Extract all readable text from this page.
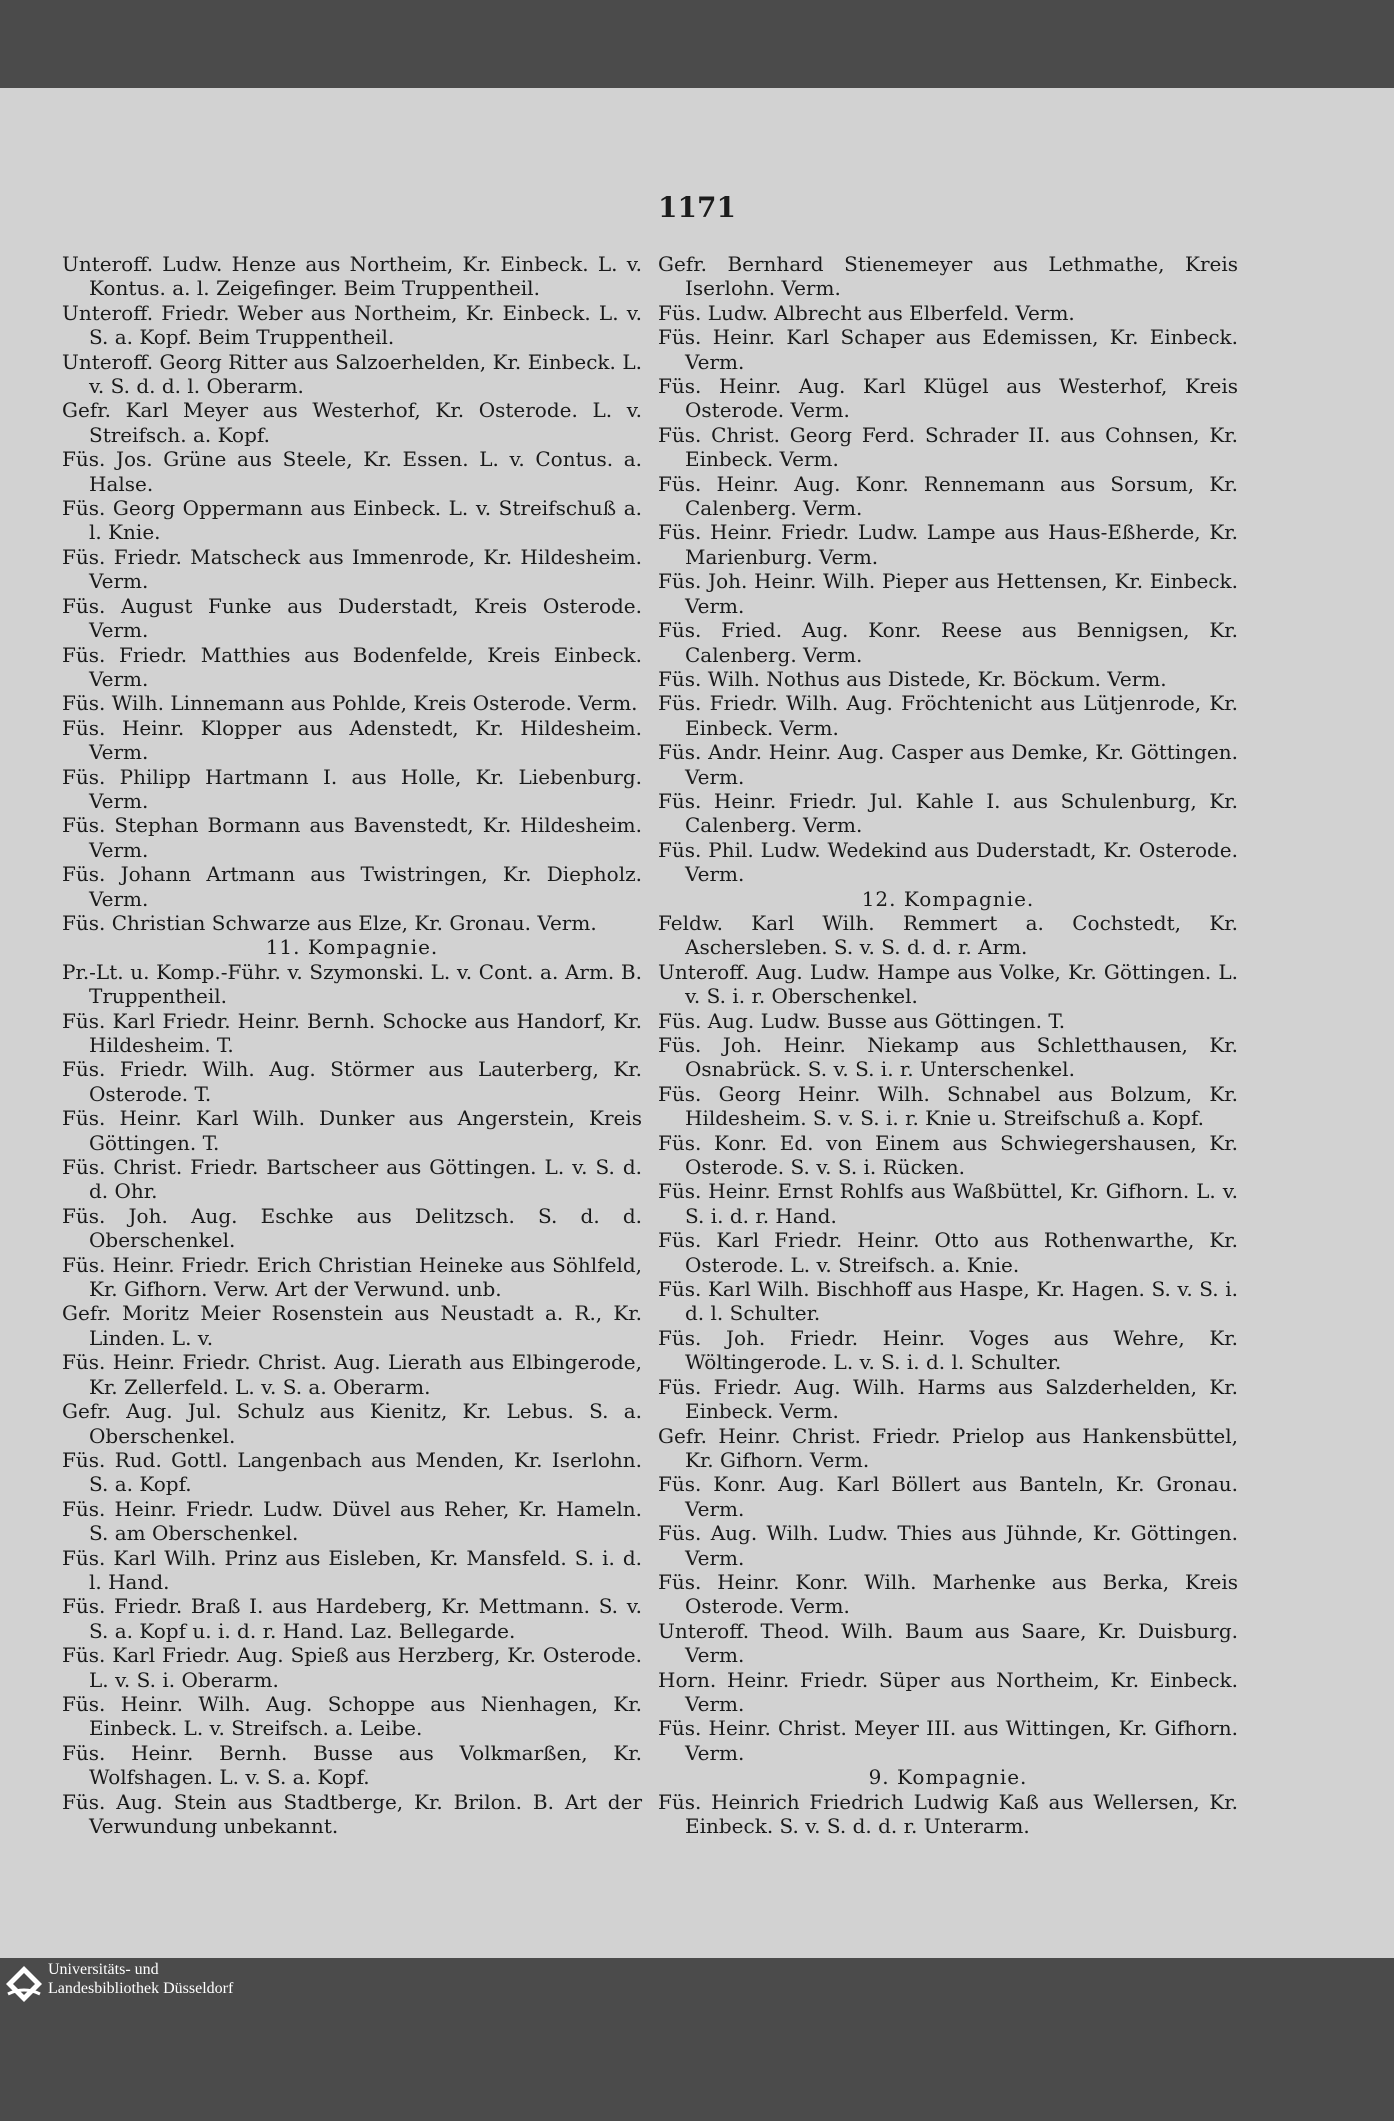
1171

Unteroff. Ludw. Henze aus Northeim, Kr. Einbeck. L. v. Kontus. a. l. Zeigefinger. Beim Truppentheil.

Unteroff. Friedr. Weber aus Northeim, Kr. Einbeck. L. v. S. a. Kopf. Beim Truppentheil.

Unteroff. Georg Ritter aus Salzoerhelden, Kr. Einbeck. L. v. S. d. d. l. Oberarm.

Gefr. Karl Meyer aus Westerhof, Kr. Osterode. L. v. Streifsch. a. Kopf.

Füs. Jos. Grüne aus Steele, Kr. Essen. L. v. Contus. a. Halse.

Füs. Georg Oppermann aus Einbeck. L. v. Streifschuß a. l. Knie.

Füs. Friedr. Matscheck aus Immenrode, Kr. Hildesheim. Verm.

Füs. August Funke aus Duderstadt, Kreis Osterode. Verm.

Füs. Friedr. Matthies aus Bodenfelde, Kreis Einbeck. Verm.

Füs. Wilh. Linnemann aus Pohlde, Kreis Osterode. Verm.

Füs. Heinr. Klopper aus Adenstedt, Kr. Hildesheim. Verm.

Füs. Philipp Hartmann I. aus Holle, Kr. Liebenburg. Verm.

Füs. Stephan Bormann aus Bavenstedt, Kr. Hildesheim. Verm.

Füs. Johann Artmann aus Twistringen, Kr. Diepholz. Verm.

Füs. Christian Schwarze aus Elze, Kr. Gronau. Verm.

11. Kompagnie.

Pr.-Lt. u. Komp.-Führ. v. Szymonski. L. v. Cont. a. Arm. B. Truppentheil.

Füs. Karl Friedr. Heinr. Bernh. Schocke aus Handorf, Kr. Hildesheim. T.

Füs. Friedr. Wilh. Aug. Störmer aus Lauterberg, Kr. Osterode. T.

Füs. Heinr. Karl Wilh. Dunker aus Angerstein, Kreis Göttingen. T.

Füs. Christ. Friedr. Bartscheer aus Göttingen. L. v. S. d. d. Ohr.

Füs. Joh. Aug. Eschke aus Delitzsch. S. d. d. Oberschenkel.

Füs. Heinr. Friedr. Erich Christian Heineke aus Söhlfeld, Kr. Gifhorn. Verw. Art der Verwund. unb.

Gefr. Moritz Meier Rosenstein aus Neustadt a. R., Kr. Linden. L. v.

Füs. Heinr. Friedr. Christ. Aug. Lierath aus Elbingerode, Kr. Zellerfeld. L. v. S. a. Oberarm.

Gefr. Aug. Jul. Schulz aus Kienitz, Kr. Lebus. S. a. Oberschenkel.

Füs. Rud. Gottl. Langenbach aus Menden, Kr. Iserlohn. S. a. Kopf.

Füs. Heinr. Friedr. Ludw. Düvel aus Reher, Kr. Hameln. S. am Oberschenkel.

Füs. Karl Wilh. Prinz aus Eisleben, Kr. Mansfeld. S. i. d. l. Hand.

Füs. Friedr. Braß I. aus Hardeberg, Kr. Mettmann. S. v. S. a. Kopf u. i. d. r. Hand. Laz. Bellegarde.

Füs. Karl Friedr. Aug. Spieß aus Herzberg, Kr. Osterode. L. v. S. i. Oberarm.

Füs. Heinr. Wilh. Aug. Schoppe aus Nienhagen, Kr. Einbeck. L. v. Streifsch. a. Leibe.

Füs. Heinr. Bernh. Busse aus Volkmarßen, Kr. Wolfshagen. L. v. S. a. Kopf.

Füs. Aug. Stein aus Stadtberge, Kr. Brilon. B. Art der Verwundung unbekannt.

Gefr. Bernhard Stienemeyer aus Lethmathe, Kreis Iserlohn. Verm.

Füs. Ludw. Albrecht aus Elberfeld. Verm.

Füs. Heinr. Karl Schaper aus Edemissen, Kr. Einbeck. Verm.

Füs. Heinr. Aug. Karl Klügel aus Westerhof, Kreis Osterode. Verm.

Füs. Christ. Georg Ferd. Schrader II. aus Cohnsen, Kr. Einbeck. Verm.

Füs. Heinr. Aug. Konr. Rennemann aus Sorsum, Kr. Calenberg. Verm.

Füs. Heinr. Friedr. Ludw. Lampe aus Haus-Eßherde, Kr. Marienburg. Verm.

Füs. Joh. Heinr. Wilh. Pieper aus Hettensen, Kr. Einbeck. Verm.

Füs. Fried. Aug. Konr. Reese aus Bennigsen, Kr. Calenberg. Verm.

Füs. Wilh. Nothus aus Distede, Kr. Böckum. Verm.

Füs. Friedr. Wilh. Aug. Fröchtenicht aus Lütjenrode, Kr. Einbeck. Verm.

Füs. Andr. Heinr. Aug. Casper aus Demke, Kr. Göttingen. Verm.

Füs. Heinr. Friedr. Jul. Kahle I. aus Schulenburg, Kr. Calenberg. Verm.

Füs. Phil. Ludw. Wedekind aus Duderstadt, Kr. Osterode. Verm.

12. Kompagnie.

Feldw. Karl Wilh. Remmert a. Cochstedt, Kr. Aschersleben. S. v. S. d. d. r. Arm.

Unteroff. Aug. Ludw. Hampe aus Volke, Kr. Göttingen. L. v. S. i. r. Oberschenkel.

Füs. Aug. Ludw. Busse aus Göttingen. T.

Füs. Joh. Heinr. Niekamp aus Schletthausen, Kr. Osnabrück. S. v. S. i. r. Unterschenkel.

Füs. Georg Heinr. Wilh. Schnabel aus Bolzum, Kr. Hildesheim. S. v. S. i. r. Knie u. Streifschuß a. Kopf.

Füs. Konr. Ed. von Einem aus Schwiegershausen, Kr. Osterode. S. v. S. i. Rücken.

Füs. Heinr. Ernst Rohlfs aus Waßbüttel, Kr. Gifhorn. L. v. S. i. d. r. Hand.

Füs. Karl Friedr. Heinr. Otto aus Rothenwarthe, Kr. Osterode. L. v. Streifsch. a. Knie.

Füs. Karl Wilh. Bischhoff aus Haspe, Kr. Hagen. S. v. S. i. d. l. Schulter.

Füs. Joh. Friedr. Heinr. Voges aus Wehre, Kr. Wöltingerode. L. v. S. i. d. l. Schulter.

Füs. Friedr. Aug. Wilh. Harms aus Salzderhelden, Kr. Einbeck. Verm.

Gefr. Heinr. Christ. Friedr. Prielop aus Hankensbüttel, Kr. Gifhorn. Verm.

Füs. Konr. Aug. Karl Böllert aus Banteln, Kr. Gronau. Verm.

Füs. Aug. Wilh. Ludw. Thies aus Jühnde, Kr. Göttingen. Verm.

Füs. Heinr. Konr. Wilh. Marhenke aus Berka, Kreis Osterode. Verm.

Unteroff. Theod. Wilh. Baum aus Saare, Kr. Duisburg. Verm.

Horn. Heinr. Friedr. Süper aus Northeim, Kr. Einbeck. Verm.

Füs. Heinr. Christ. Meyer III. aus Wittingen, Kr. Gifhorn. Verm.

9. Kompagnie.

Füs. Heinrich Friedrich Ludwig Kaß aus Wellersen, Kr. Einbeck. S. v. S. d. d. r. Unterarm.

Universitäts- und
Landesbibliothek Düsseldorf
